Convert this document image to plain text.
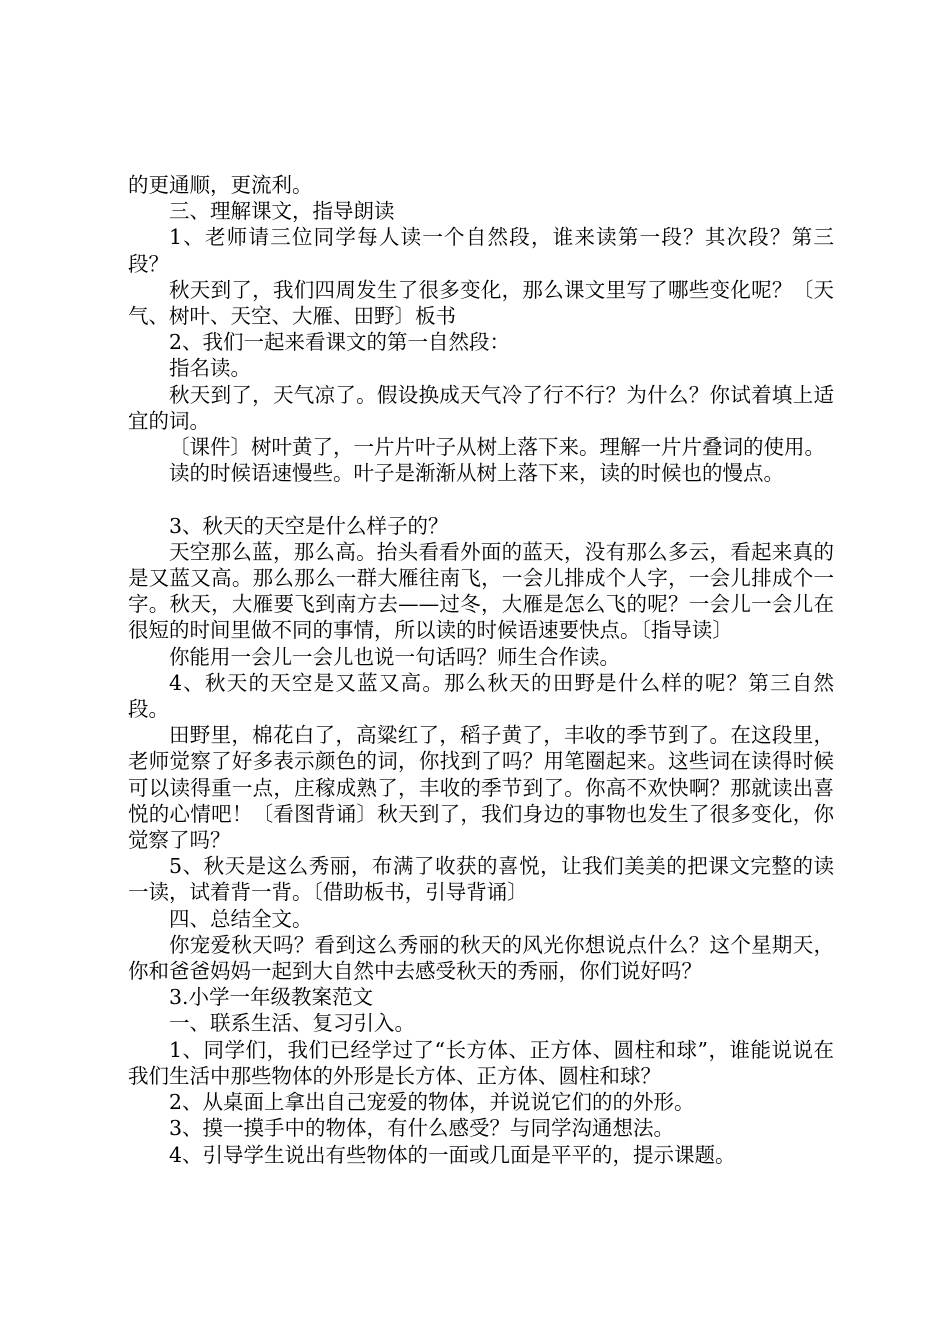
的更通顺，更流利。

三、理解课文，指导朗读

1、老师请三位同学每人读一个自然段，谁来读第一段？其次段？第三段？

秋天到了，我们四周发生了很多变化，那么课文里写了哪些变化呢？〔天气、树叶、天空、大雁、田野〕板书

2、我们一起来看课文的第一自然段：

指名读。

秋天到了，天气凉了。假设换成天气冷了行不行？为什么？你试着填上适宜的词。

〔课件〕树叶黄了，一片片叶子从树上落下来。理解一片片叠词的使用。

读的时候语速慢些。叶子是渐渐从树上落下来，读的时候也的慢点。

3、秋天的天空是什么样子的？

天空那么蓝，那么高。抬头看看外面的蓝天，没有那么多云，看起来真的是又蓝又高。那么那么一群大雁往南飞，一会儿排成个人字，一会儿排成个一字。秋天，大雁要飞到南方去——过冬，大雁是怎么飞的呢？一会儿一会儿在很短的时间里做不同的事情，所以读的时候语速要快点。〔指导读〕

你能用一会儿一会儿也说一句话吗？师生合作读。

4、秋天的天空是又蓝又高。那么秋天的田野是什么样的呢？第三自然段。

田野里，棉花白了，高粱红了，稻子黄了，丰收的季节到了。在这段里，老师觉察了好多表示颜色的词，你找到了吗？用笔圈起来。这些词在读得时候可以读得重一点，庄稼成熟了，丰收的季节到了。你高不欢快啊？那就读出喜悦的心情吧！〔看图背诵〕秋天到了，我们身边的事物也发生了很多变化，你觉察了吗？

5、秋天是这么秀丽，布满了收获的喜悦，让我们美美的把课文完整的读一读，试着背一背。〔借助板书，引导背诵〕

四、总结全文。

你宠爱秋天吗？看到这么秀丽的秋天的风光你想说点什么？这个星期天，你和爸爸妈妈一起到大自然中去感受秋天的秀丽，你们说好吗？

3.小学一年级教案范文

一、联系生活、复习引入。

1、同学们，我们已经学过了“长方体、正方体、圆柱和球”，谁能说说在我们生活中那些物体的外形是长方体、正方体、圆柱和球？

2、从桌面上拿出自己宠爱的物体，并说说它们的的外形。

3、摸一摸手中的物体，有什么感受？与同学沟通想法。

4、引导学生说出有些物体的一面或几面是平平的，提示课题。
